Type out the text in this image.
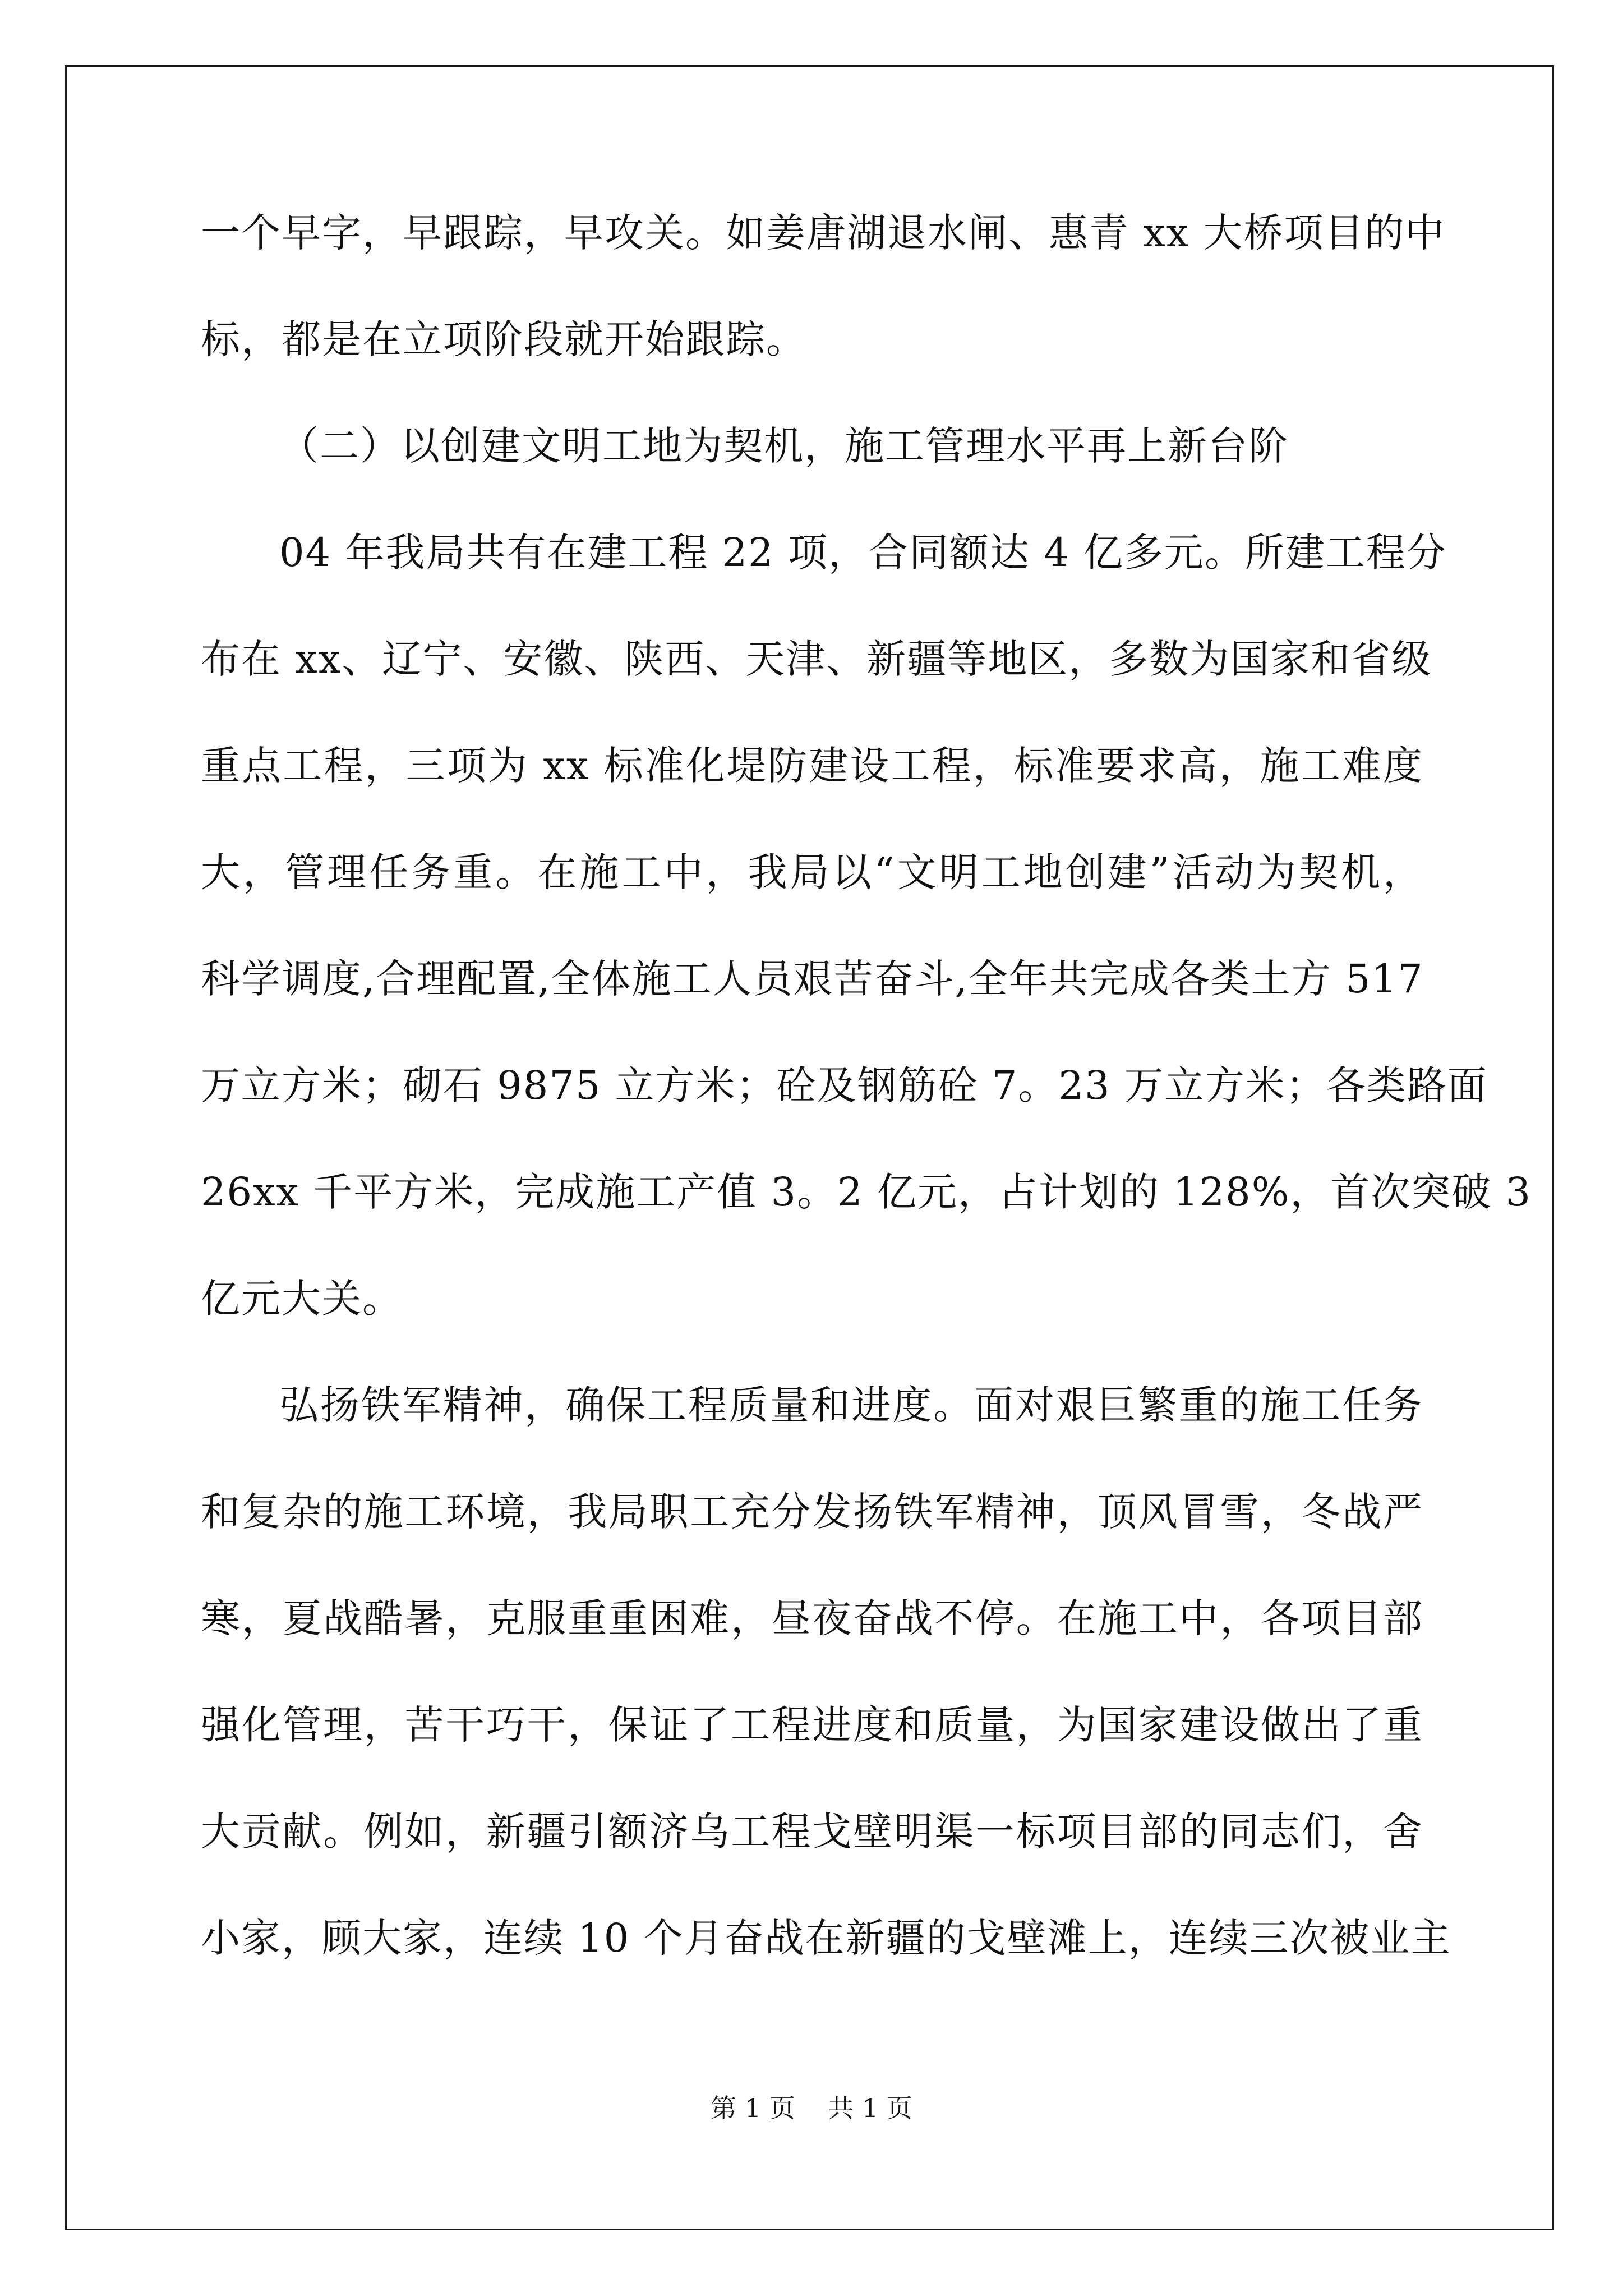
一个早字，早跟踪，早攻关。如姜唐湖退水闸、惠青 xx 大桥项目的中
标，都是在立项阶段就开始跟踪。
（二）以创建文明工地为契机，施工管理水平再上新台阶
04 年我局共有在建工程 22 项，合同额达 4 亿多元。所建工程分
布在 xx、辽宁、安徽、陕西、天津、新疆等地区，多数为国家和省级
重点工程，三项为 xx 标准化堤防建设工程，标准要求高，施工难度
大，管理任务重。在施工中，我局以“文明工地创建”活动为契机，
科学调度,合理配置,全体施工人员艰苦奋斗,全年共完成各类土方 517
万立方米；砌石 9875 立方米；砼及钢筋砼 7。23 万立方米；各类路面
26xx 千平方米，完成施工产值 3。2 亿元，占计划的 128%，首次突破 3
亿元大关。
弘扬铁军精神，确保工程质量和进度。面对艰巨繁重的施工任务
和复杂的施工环境，我局职工充分发扬铁军精神，顶风冒雪，冬战严
寒，夏战酷暑，克服重重困难，昼夜奋战不停。在施工中，各项目部
强化管理，苦干巧干，保证了工程进度和质量，为国家建设做出了重
大贡献。例如，新疆引额济乌工程戈壁明渠一标项目部的同志们，舍
小家，顾大家，连续 10 个月奋战在新疆的戈壁滩上，连续三次被业主
第 1 页    共 1 页
